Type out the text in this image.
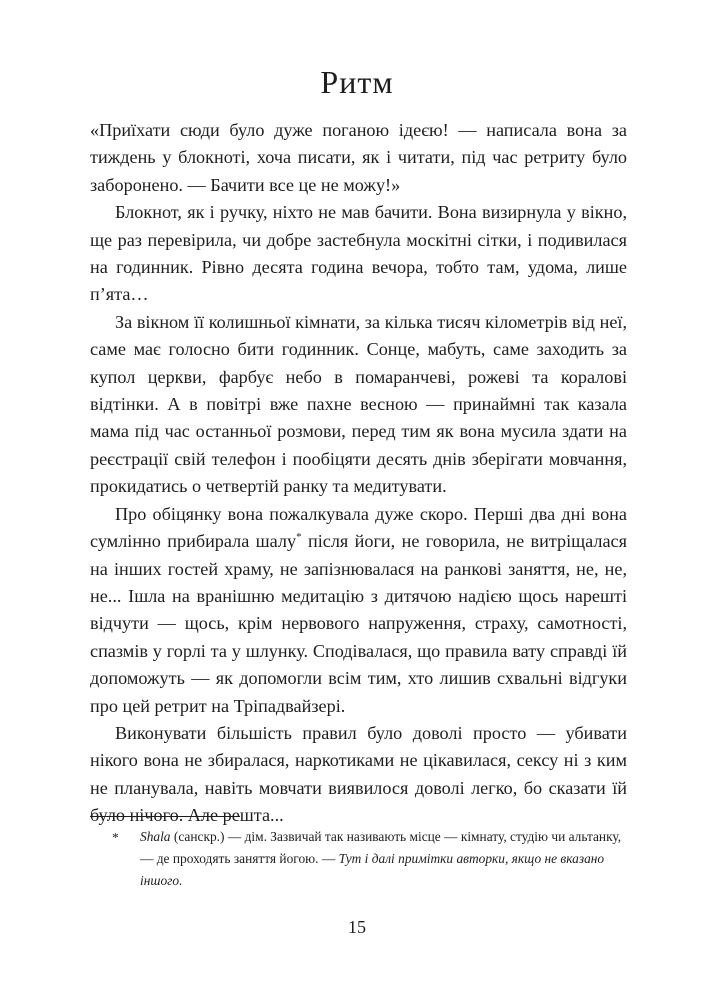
Ритм

«Приїхати сюди було дуже поганою ідеєю! — написала вона за тиждень у блокноті, хоча писати, як і читати, під час ретриту було заборонено. — Бачити все це не можу!»

Блокнот, як і ручку, ніхто не мав бачити. Вона визирнула у вікно, ще раз перевірила, чи добре застебнула москітні сітки, і подивилася на годинник. Рівно десята година вечора, тобто там, удома, лише п’ята…

За вікном її колишньої кімнати, за кілька тисяч кілометрів від неї, саме має голосно бити годинник. Сонце, мабуть, саме заходить за купол церкви, фарбує небо в помаранчеві, рожеві та коралові відтінки. А в повітрі вже пахне весною — принаймні так казала мама під час останньої розмови, перед тим як вона мусила здати на реєстрації свій телефон і пообіцяти десять днів зберігати мовчання, прокидатись о четвертій ранку та медитувати.

Про обіцянку вона пожалкувала дуже скоро. Перші два дні вона сумлінно прибирала шалу* після йоги, не говорила, не витріщалася на інших гостей храму, не запізнювалася на ранкові заняття, не, не, не... Ішла на вранішню медитацію з дитячою надією щось нарешті відчути — щось, крім нервового напруження, страху, самотності, спазмів у горлі та у шлунку. Сподівалася, що правила вату справді їй допоможуть — як допомогли всім тим, хто лишив схвальні відгуки про цей ретрит на Тріпадвайзері.

Виконувати більшість правил було доволі просто — убивати нікого вона не збиралася, наркотиками не цікавилася, сексу ні з ким не планувала, навіть мовчати виявилося доволі легко, бо сказати їй було нічого. Але решта...

* Shala (санскр.) — дім. Зазвичай так називають місце — кімнату, студію чи альтанку, — де проходять заняття йогою. — Тут і далі примітки авторки, якщо не вказано іншого.
15
